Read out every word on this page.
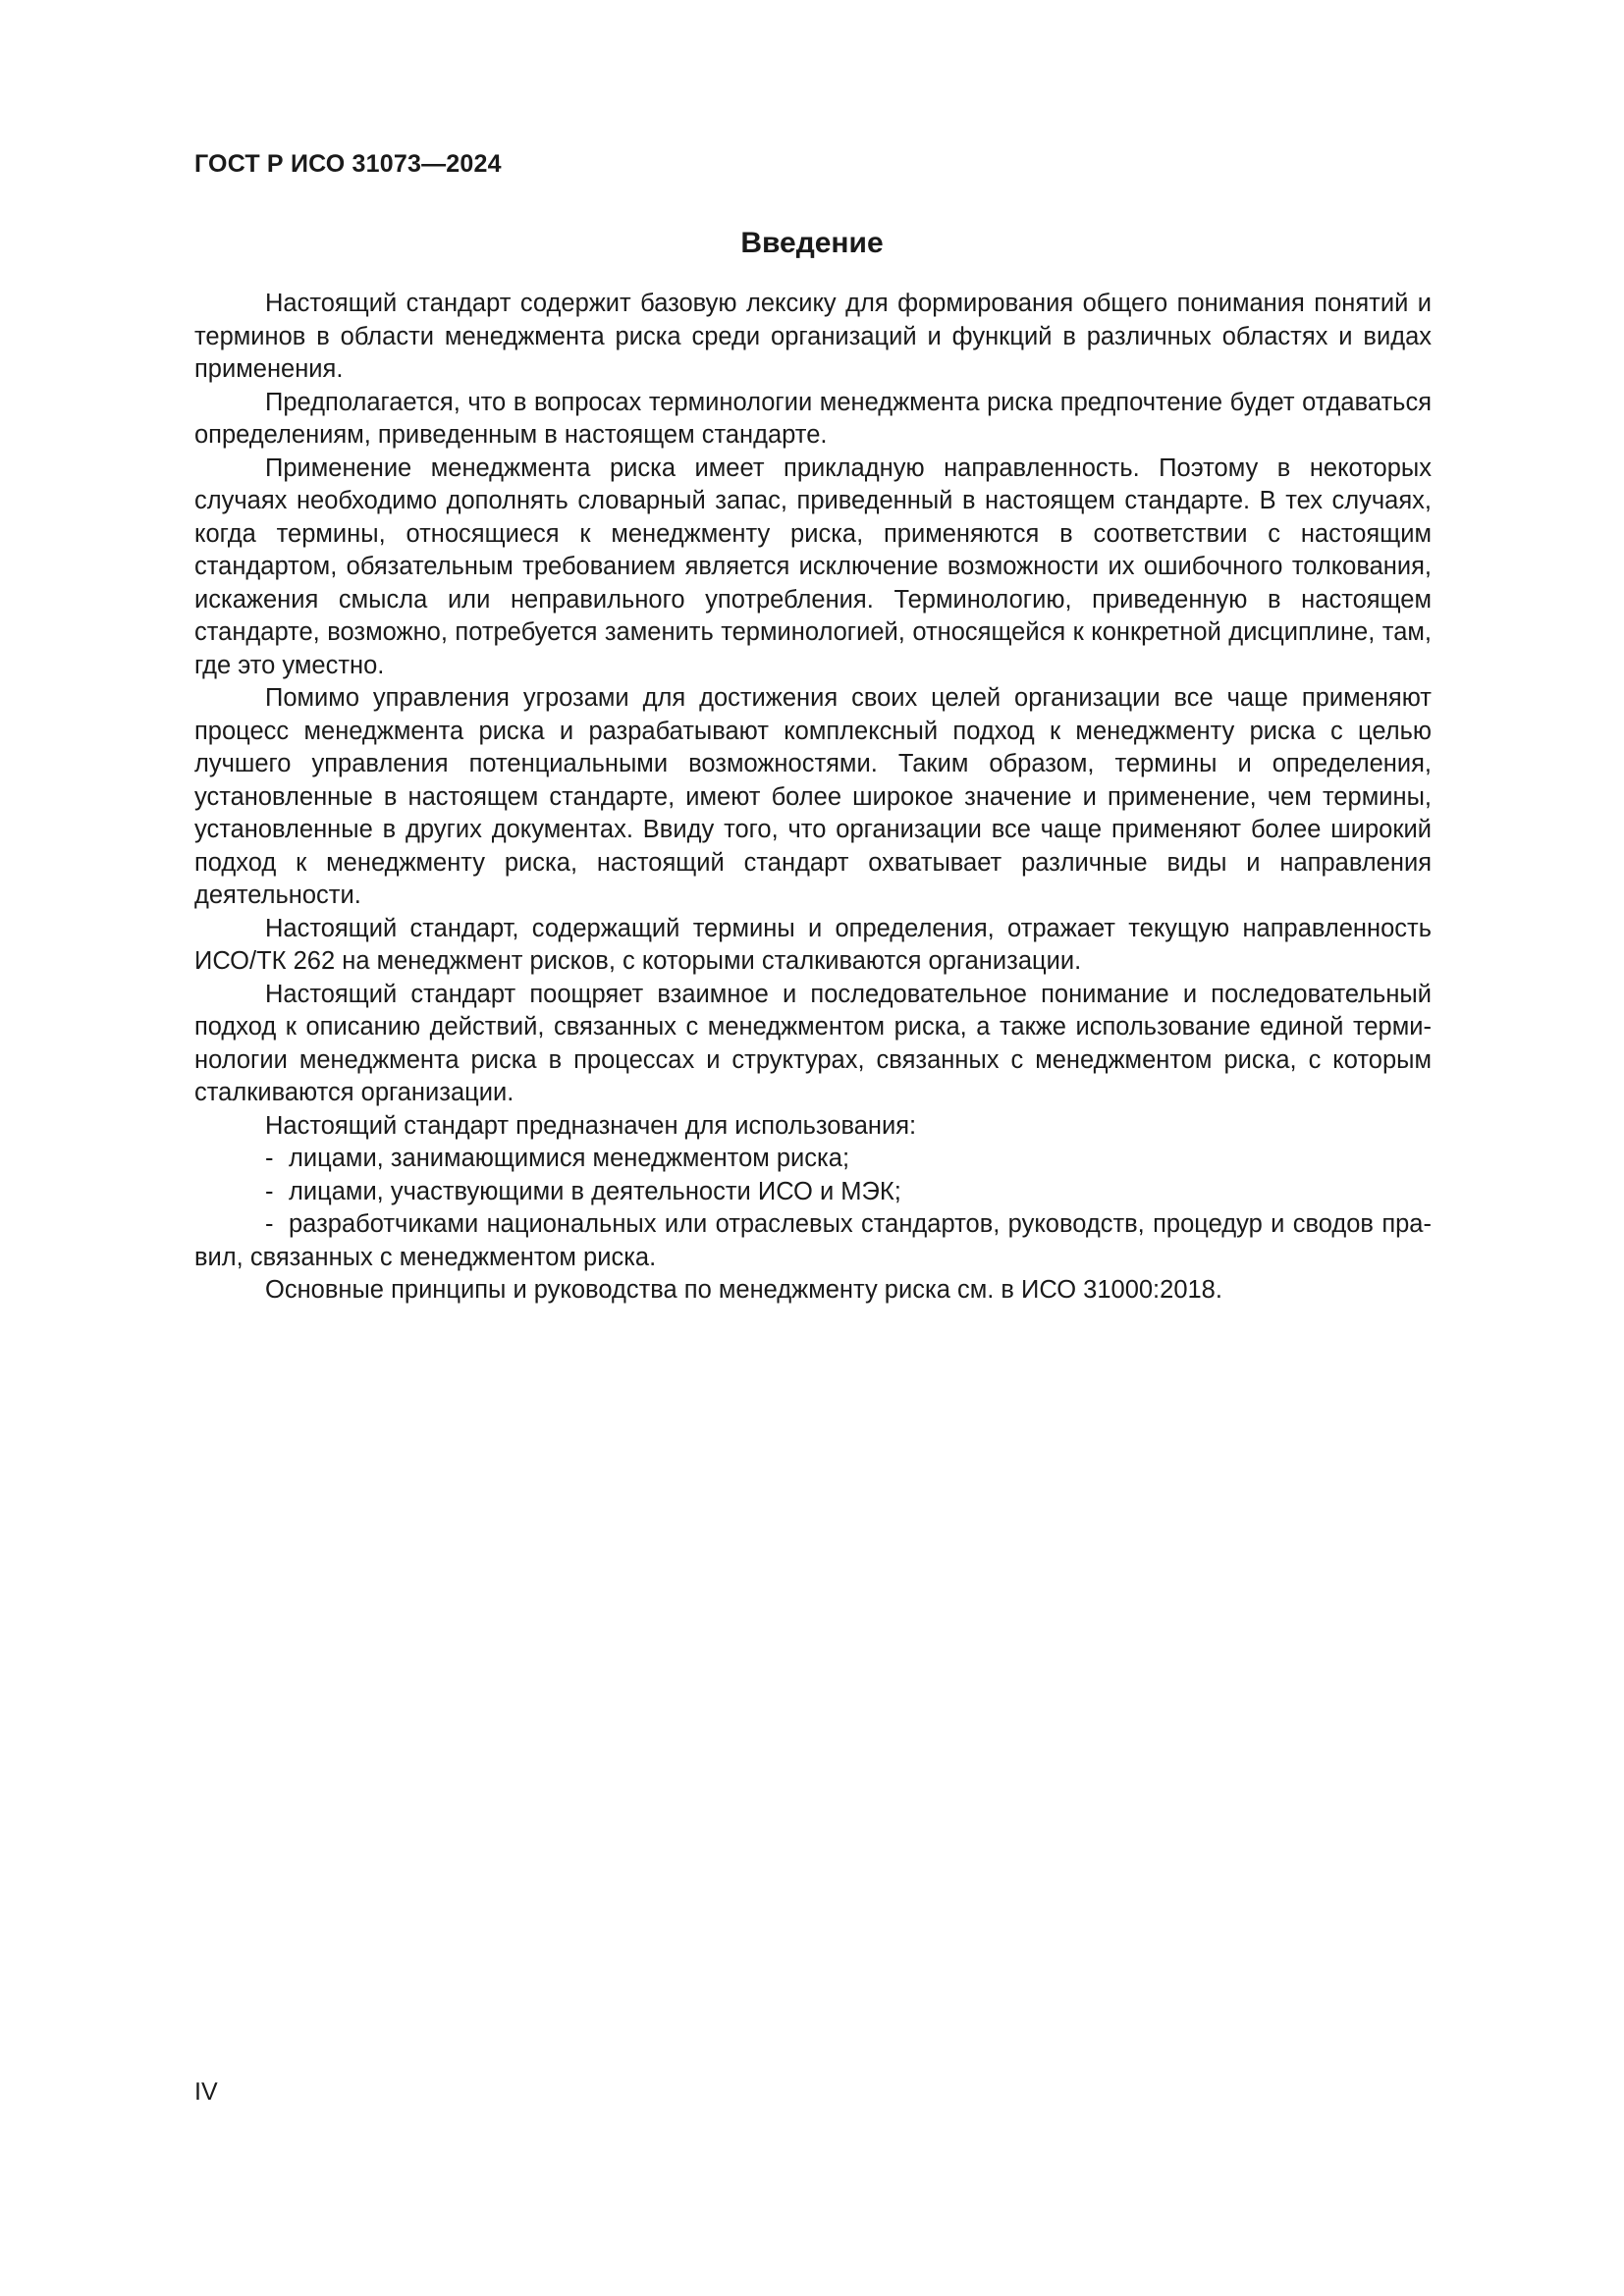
ГОСТ Р ИСО 31073—2024
Введение

Настоящий стандарт содержит базовую лексику для формирования общего понимания понятий и терминов в области менеджмента риска среди организаций и функций в различных областях и видах применения.

Предполагается, что в вопросах терминологии менеджмента риска предпочтение будет отдаваться определениям, приведенным в настоящем стандарте.

Применение менеджмента риска имеет прикладную направленность. Поэтому в некоторых случаях необходимо дополнять словарный запас, приведенный в настоящем стандарте. В тех случаях, когда термины, относящиеся к менеджменту риска, применяются в соответствии с настоящим стандартом, обязательным требованием является исключение возможности их ошибочного толкования, искажения смысла или неправильного употребления. Терминологию, приведенную в настоящем стандарте, возможно, потребуется заменить терминологией, относящейся к конкретной дисциплине, там, где это уместно.

Помимо управления угрозами для достижения своих целей организации все чаще применяют процесс менеджмента риска и разрабатывают комплексный подход к менеджменту риска с целью лучшего управления потенциальными возможностями. Таким образом, термины и определения, установленные в настоящем стандарте, имеют более широкое значение и применение, чем термины, установленные в других документах. Ввиду того, что организации все чаще применяют более широкий подход к менеджменту риска, настоящий стандарт охватывает различные виды и направления деятельности.

Настоящий стандарт, содержащий термины и определения, отражает текущую направленность ИСО/ТК 262 на менеджмент рисков, с которыми сталкиваются организации.

Настоящий стандарт поощряет взаимное и последовательное понимание и последовательный подход к описанию действий, связанных с менеджментом риска, а также использование единой терминологии менеджмента риска в процессах и структурах, связанных с менеджментом риска, с которым сталкиваются организации.

Настоящий стандарт предназначен для использования:

- лицами, занимающимися менеджментом риска;
- лицами, участвующими в деятельности ИСО и МЭК;
- разработчиками национальных или отраслевых стандартов, руководств, процедур и сводов правил, связанных с менеджментом риска.

Основные принципы и руководства по менеджменту риска см. в ИСО 31000:2018.

IV
